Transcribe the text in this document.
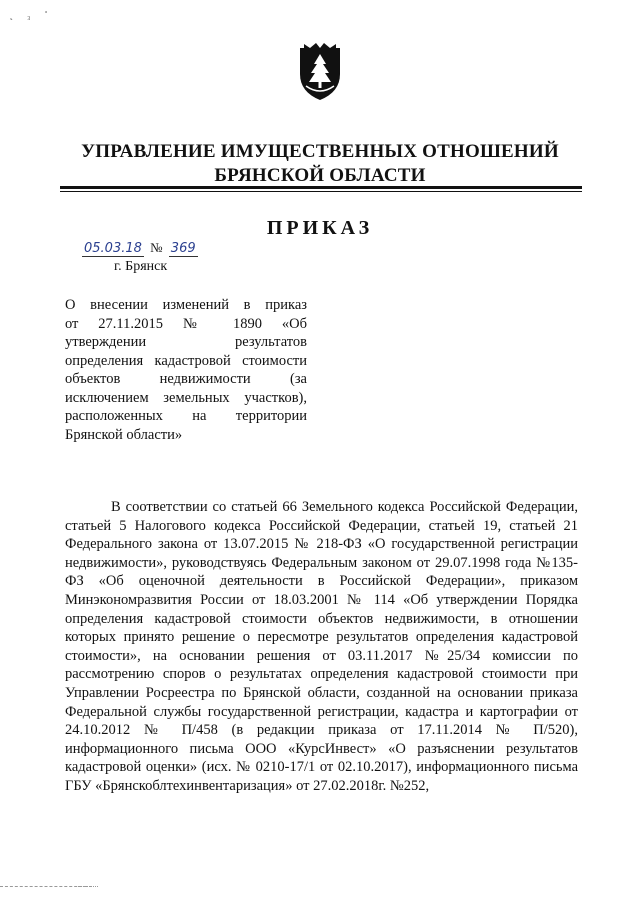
˛ ₃ ˚
УПРАВЛЕНИЕ ИМУЩЕСТВЕННЫХ ОТНОШЕНИЙ
БРЯНСКОЙ ОБЛАСТИ
ПРИКАЗ
05.03.18 № 369
г. Брянск
О внесении изменений в приказ
от 27.11.2015 № 1890 «Об
утверждении результатов
определения кадастровой стоимости
объектов недвижимости (за
исключением земельных участков),
расположенных на территории
Брянской области»
В соответствии со статьей 66 Земельного кодекса Российской Федерации,
статьей 5 Налогового кодекса Российской Федерации, статьей 19, статьей 21
Федерального закона от 13.07.2015 № 218-ФЗ «О государственной регистрации
недвижимости», руководствуясь Федеральным законом от 29.07.1998 года №135-
ФЗ «Об оценочной деятельности в Российской Федерации», приказом
Минэкономразвития России от 18.03.2001 № 114 «Об утверждении Порядка
определения кадастровой стоимости объектов недвижимости, в отношении
которых принято решение о пересмотре результатов определения кадастровой
стоимости», на основании решения от 03.11.2017 №25/34 комиссии по
рассмотрению споров о результатах определения кадастровой стоимости при
Управлении Росреестра по Брянской области, созданной на основании приказа
Федеральной службы государственной регистрации, кадастра и картографии от
24.10.2012 № П/458 (в редакции приказа от 17.11.2014 № П/520),
информационного письма ООО «КурсИнвест» «О разъяснении результатов
кадастровой оценки» (исх. № 0210-17/1 от 02.10.2017), информационного письма
ГБУ «Брянскоблтехинвентаризация» от 27.02.2018г. №252,
